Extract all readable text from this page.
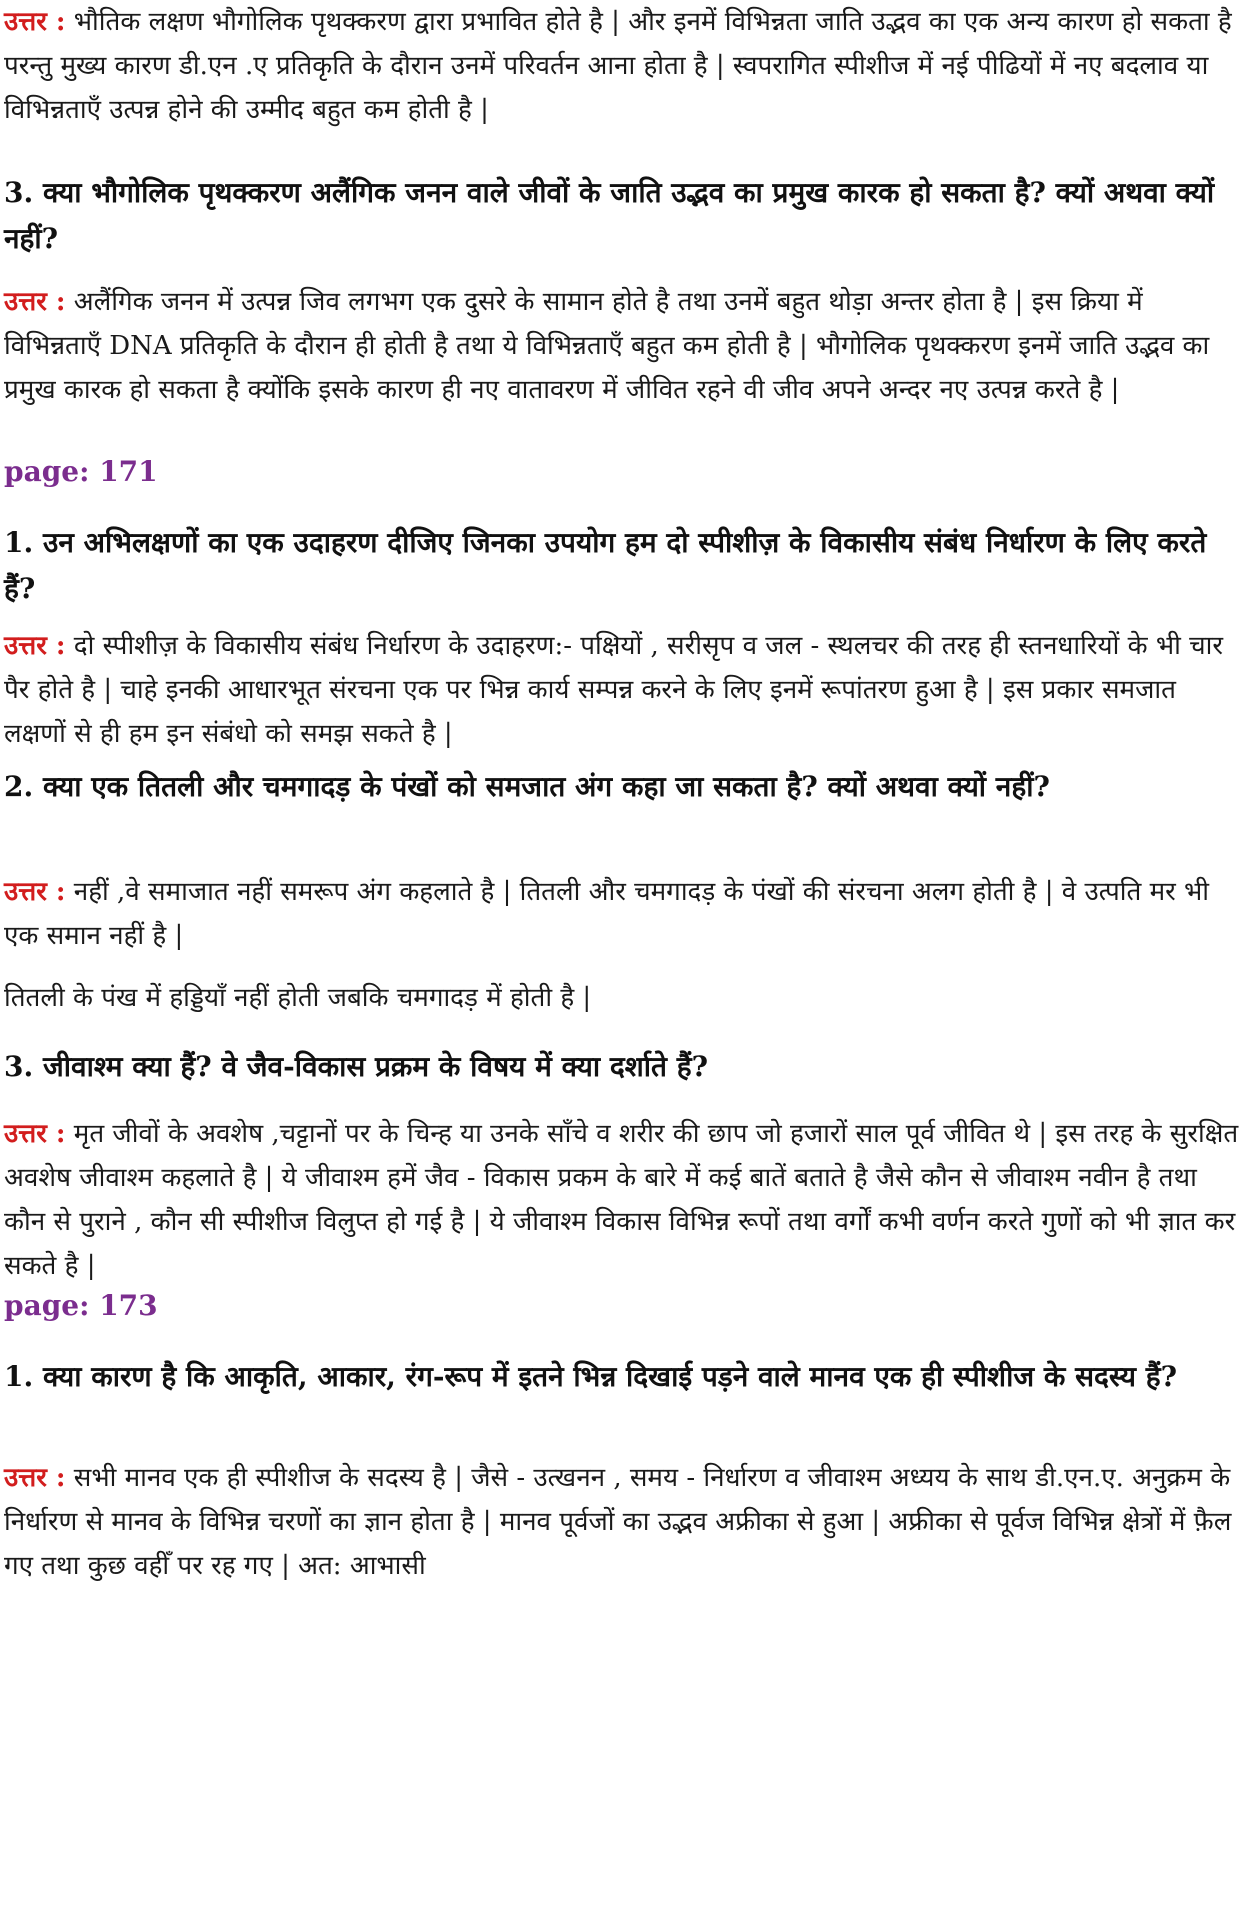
उत्तर : भौतिक लक्षण भौगोलिक पृथक्करण द्वारा प्रभावित होते है | और इनमें विभिन्नता जाति उद्भव का एक अन्य कारण हो सकता है परन्तु मुख्य कारण डी.एन .ए प्रतिकृति के दौरान उनमें परिवर्तन आना होता है | स्वपरागित स्पीशीज में नई पीढियों में नए बदलाव या विभिन्नताएँ उत्पन्न होने की उम्मीद बहुत कम होती है |

3. क्या भौगोलिक पृथक्करण अलैंगिक जनन वाले जीवों के जाति उद्भव का प्रमुख कारक हो सकता है? क्यों अथवा क्यों नहीं?

उत्तर : अलैंगिक जनन में उत्पन्न जिव लगभग एक दुसरे के सामान होते है तथा उनमें बहुत थोड़ा अन्तर होता है | इस क्रिया में विभिन्नताएँ DNA प्रतिकृति के दौरान ही होती है तथा ये विभिन्नताएँ बहुत कम होती है | भौगोलिक पृथक्करण इनमें जाति उद्भव का प्रमुख कारक हो सकता है क्योंकि इसके कारण ही नए वातावरण में जीवित रहने वी जीव अपने अन्दर नए उत्पन्न करते है |

page: 171

1. उन अभिलक्षणों का एक उदाहरण दीजिए जिनका उपयोग हम दो स्पीशीज़ के विकासीय संबंध निर्धारण के लिए करते हैं?

उत्तर : दो स्पीशीज़ के विकासीय संबंध निर्धारण के उदाहरण:- पक्षियों , सरीसृप व जल - स्थलचर की तरह ही स्तनधारियों के भी चार पैर होते है | चाहे इनकी आधारभूत संरचना एक पर भिन्न कार्य सम्पन्न करने के लिए इनमें रूपांतरण हुआ है | इस प्रकार समजात लक्षणों से ही हम इन संबंधो को समझ सकते है |

2. क्या एक तितली और चमगादड़ के पंखों को समजात अंग कहा जा सकता है? क्यों अथवा क्यों नहीं?

उत्तर : नहीं ,वे समाजात नहीं समरूप अंग कहलाते है | तितली और चमगादड़ के पंखों की संरचना अलग होती है | वे उत्पति मर भी एक समान नहीं है |

तितली के पंख में हड्डियाँ नहीं होती जबकि चमगादड़ में होती है |

3. जीवाश्म क्या हैं? वे जैव-विकास प्रक्रम के विषय में क्या दर्शाते हैं?

उत्तर : मृत जीवों के अवशेष ,चट्टानों पर के चिन्ह या उनके साँचे व शरीर की छाप जो हजारों साल पूर्व जीवित थे | इस तरह के सुरक्षित अवशेष जीवाश्म कहलाते है | ये जीवाश्म हमें जैव - विकास प्रकम के बारे में कई बातें बताते है जैसे कौन से जीवाश्म नवीन है तथा कौन से पुराने , कौन सी स्पीशीज विलुप्त हो गई है | ये जीवाश्म विकास विभिन्न रूपों तथा वर्गों कभी वर्णन करते गुणों को भी ज्ञात कर सकते है |

page: 173

1. क्या कारण है कि आकृति, आकार, रंग-रूप में इतने भिन्न दिखाई पड़ने वाले मानव एक ही स्पीशीज के सदस्य हैं?

उत्तर : सभी मानव एक ही स्पीशीज के सदस्य है | जैसे - उत्खनन , समय - निर्धारण व जीवाश्म अध्यय के साथ डी.एन.ए. अनुक्रम के निर्धारण से मानव के विभिन्न चरणों का ज्ञान होता है | मानव पूर्वजों का उद्भव अफ्रीका से हुआ | अफ्रीका से पूर्वज विभिन्न क्षेत्रों में फ़ैल गए तथा कुछ वहीँ पर रह गए | अत: आभासी
